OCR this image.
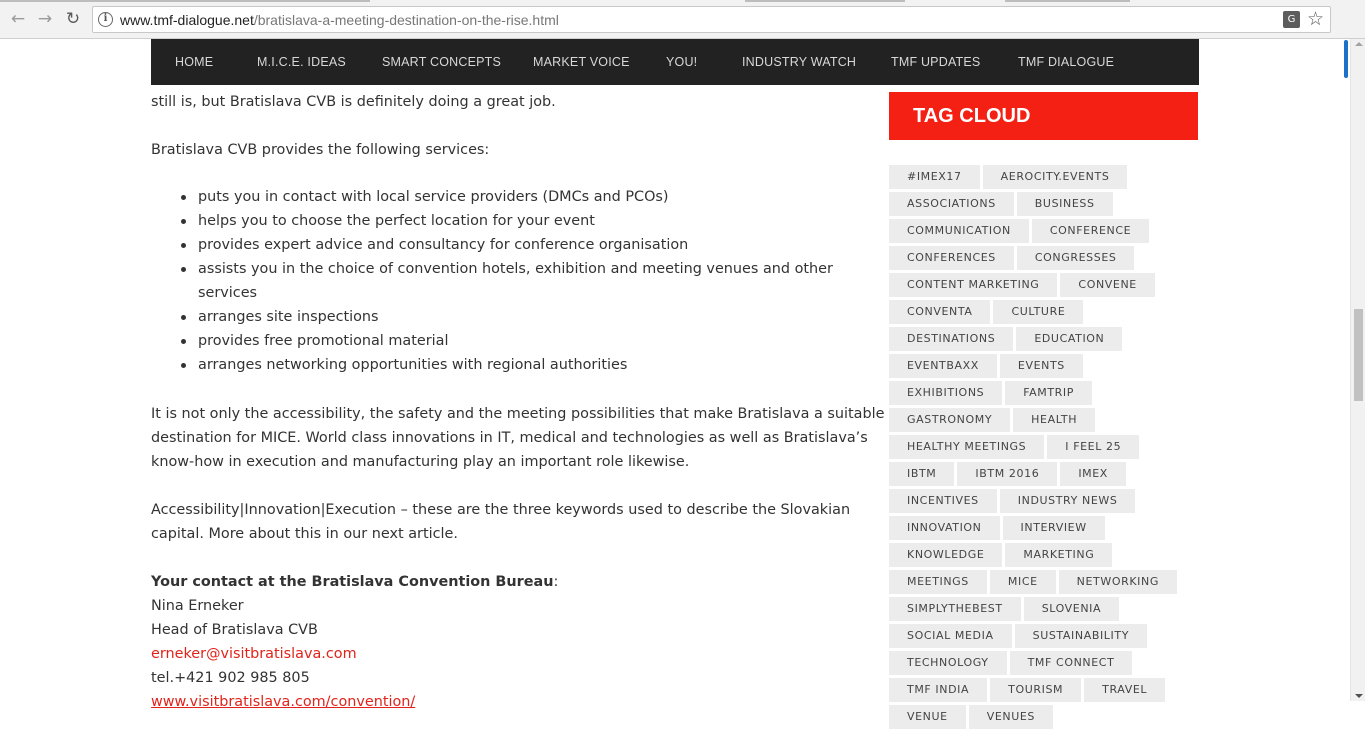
← → ↻	i www.tmf-dialogue.net/bratislava-a-meeting-destination-on-the-rise.html	G ☆
still is, but Bratislava CVB is definitely doing a great job.
Bratislava CVB provides the following services:
puts you in contact with local service providers (DMCs and PCOs)
helps you to choose the perfect location for your event
provides expert advice and consultancy for conference organisation
assists you in the choice of convention hotels, exhibition and meeting venues and other services
arranges site inspections
provides free promotional material
arranges networking opportunities with regional authorities
It is not only the accessibility, the safety and the meeting possibilities that make Bratislava a suitable
destination for MICE. World class innovations in IT, medical and technologies as well as Bratislava’s
know-how in execution and manufacturing play an important role likewise.
Accessibility|Innovation|Execution – these are the three keywords used to describe the Slovakian
capital. More about this in our next article.
Your contact at the Bratislava Convention Bureau:
Nina Erneker
Head of Bratislava CVB
erneker@visitbratislava.com
tel.+421 902 985 805
www.visitbratislava.com/convention/
HOME	M.I.C.E. IDEAS	SMART CONCEPTS	MARKET VOICE	YOU!	INDUSTRY WATCH	TMF UPDATES	TMF DIALOGUE
TAG CLOUD
#IMEX17	AEROCITY.EVENTS
ASSOCIATIONS	BUSINESS
COMMUNICATION	CONFERENCE
CONFERENCES	CONGRESSES
CONTENT MARKETING	CONVENE
CONVENTA	CULTURE
DESTINATIONS	EDUCATION
EVENTBAXX	EVENTS
EXHIBITIONS	FAMTRIP
GASTRONOMY	HEALTH
HEALTHY MEETINGS	I FEEL 25
IBTM	IBTM 2016	IMEX
INCENTIVES	INDUSTRY NEWS
INNOVATION	INTERVIEW
KNOWLEDGE	MARKETING
MEETINGS	MICE	NETWORKING
SIMPLYTHEBEST	SLOVENIA
SOCIAL MEDIA	SUSTAINABILITY
TECHNOLOGY	TMF CONNECT
TMF INDIA	TOURISM	TRAVEL
VENUE	VENUES
